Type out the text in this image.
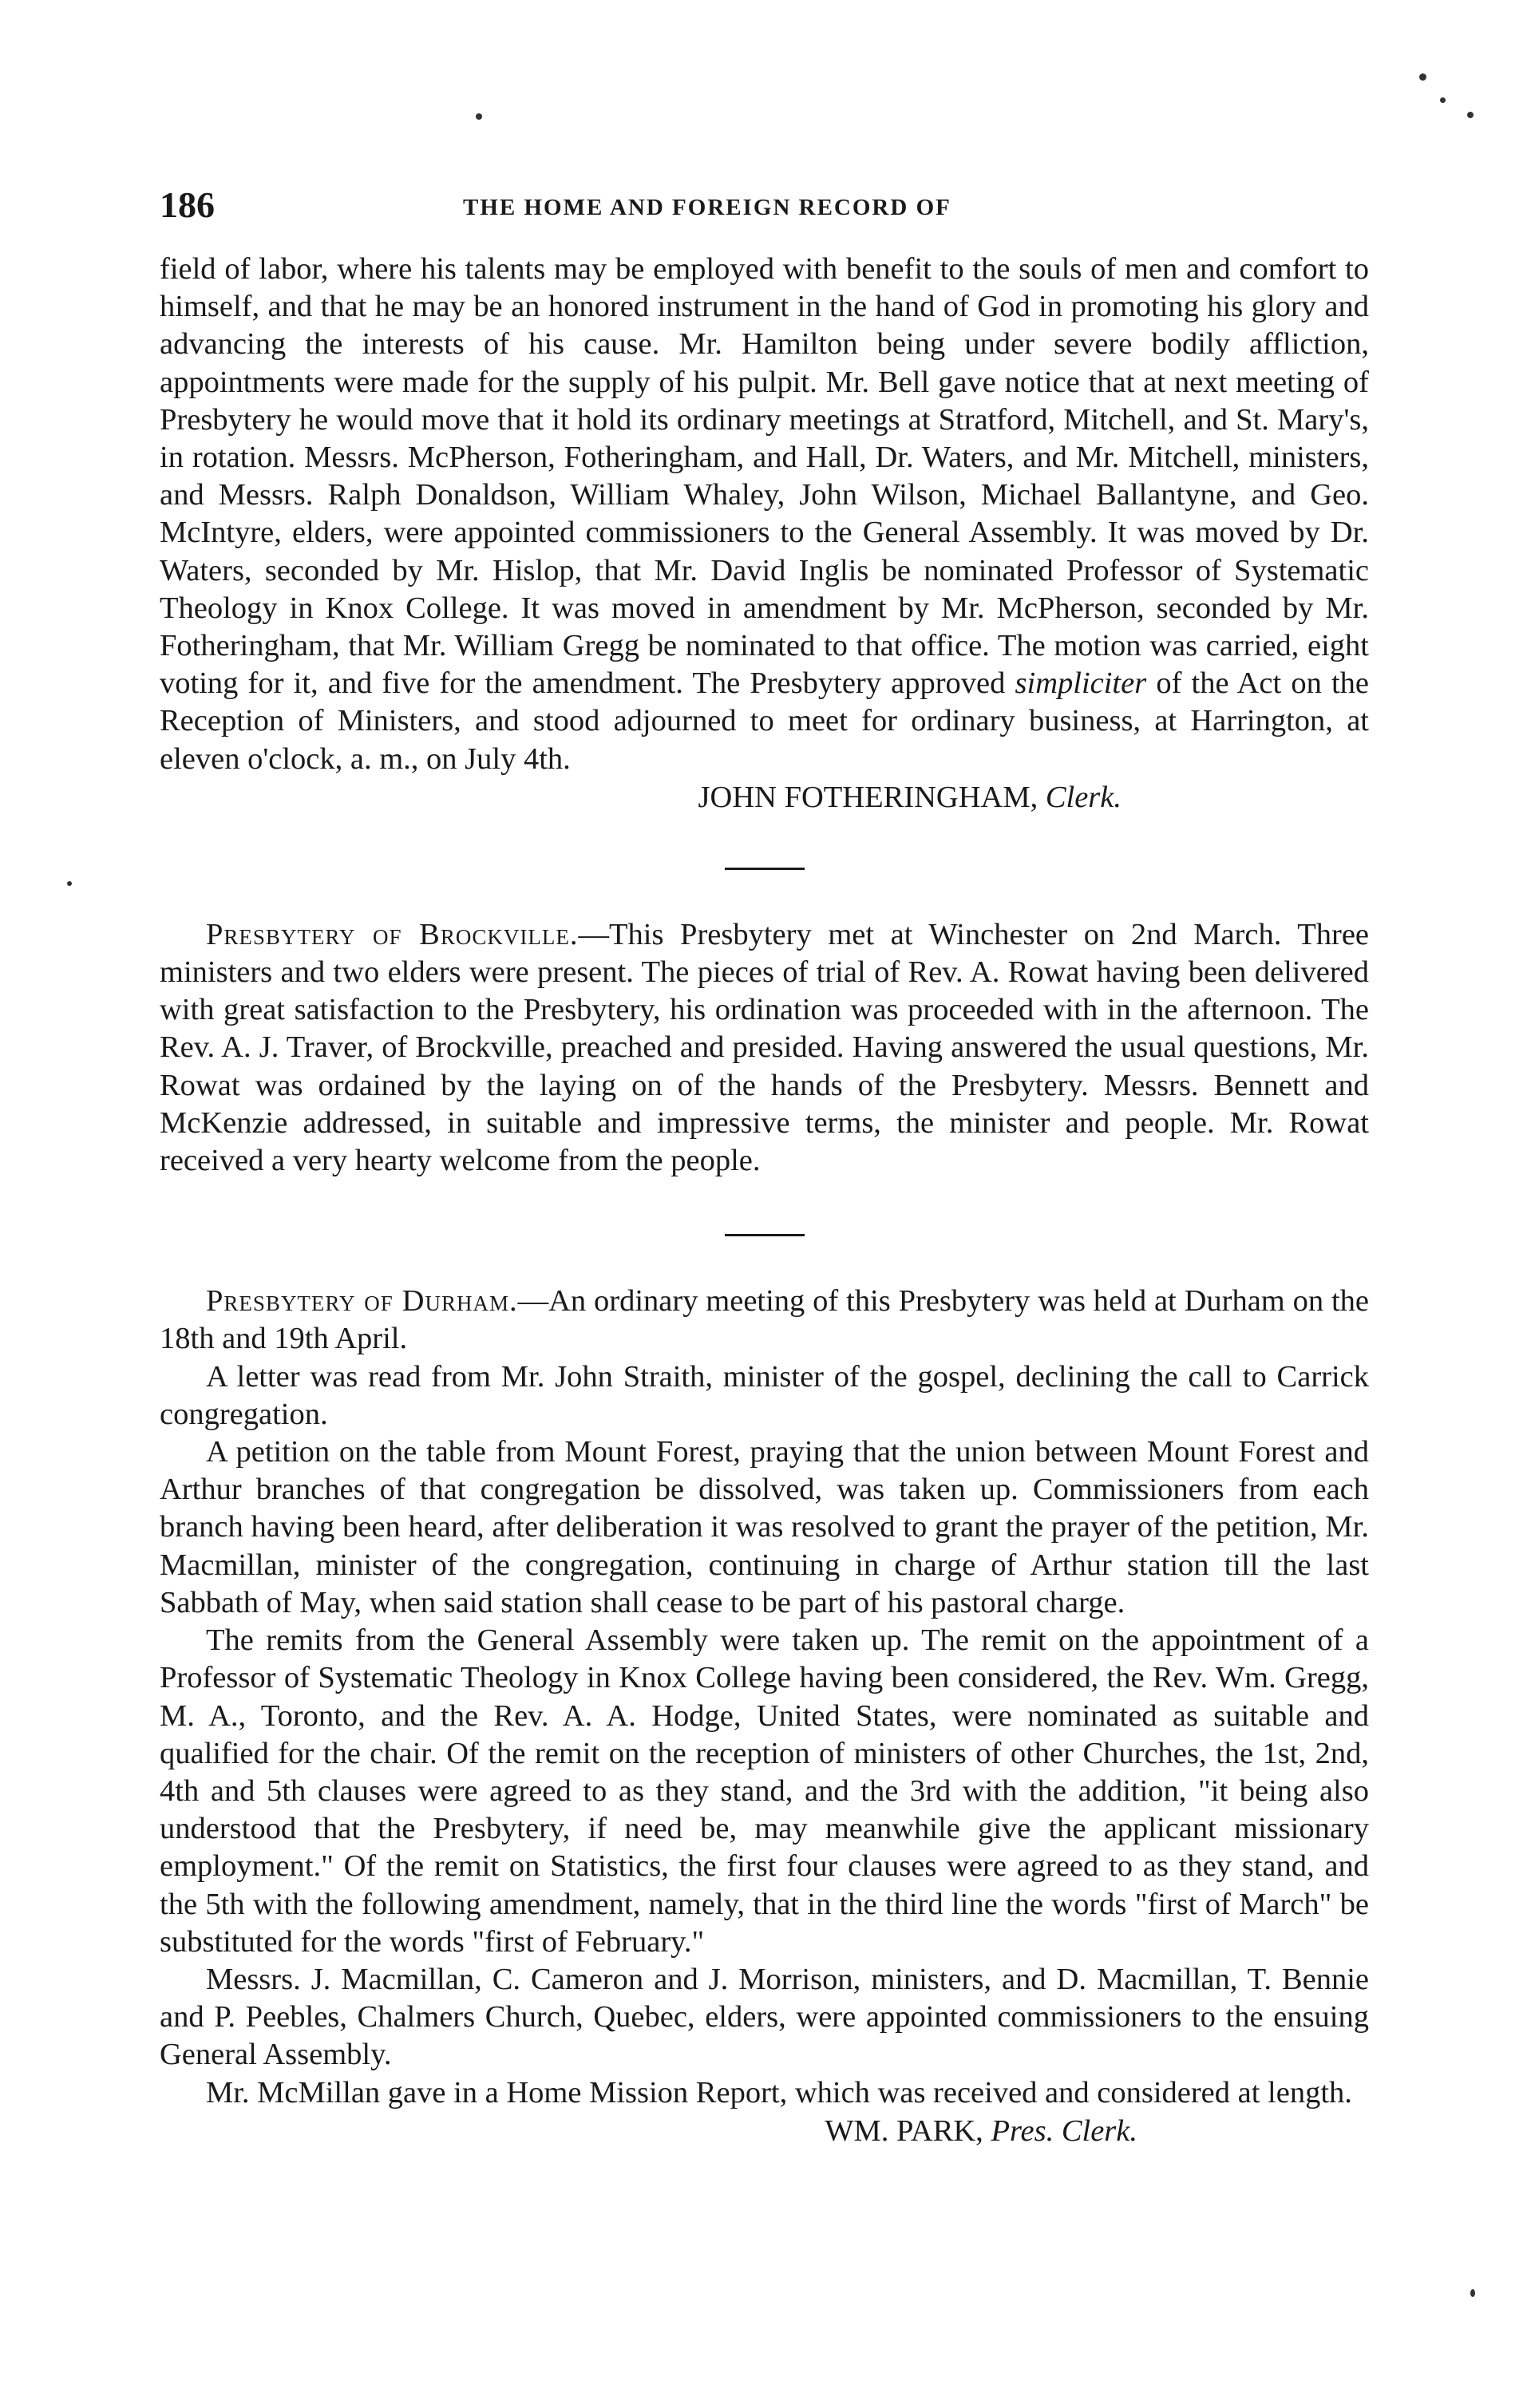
186	THE HOME AND FOREIGN RECORD OF

field of labor, where his talents may be employed with benefit to the souls of men and comfort to himself, and that he may be an honored instrument in the hand of God in promoting his glory and advancing the interests of his cause. Mr. Hamilton being under severe bodily affliction, appointments were made for the supply of his pulpit. Mr. Bell gave notice that at next meeting of Presbytery he would move that it hold its ordinary meetings at Stratford, Mitchell, and St. Mary's, in rotation. Messrs. McPherson, Fotheringham, and Hall, Dr. Waters, and Mr. Mitchell, ministers, and Messrs. Ralph Donaldson, William Whaley, John Wilson, Michael Ballantyne, and Geo. McIntyre, elders, were appointed commissioners to the General Assembly. It was moved by Dr. Waters, seconded by Mr. Hislop, that Mr. David Inglis be nominated Professor of Systematic Theology in Knox College. It was moved in amendment by Mr. McPherson, seconded by Mr. Fotheringham, that Mr. William Gregg be nominated to that office. The motion was carried, eight voting for it, and five for the amendment. The Presbytery approved simpliciter of the Act on the Reception of Ministers, and stood adjourned to meet for ordinary business, at Harrington, at eleven o'clock, a. m., on July 4th.

JOHN FOTHERINGHAM, Clerk.

Presbytery of Brockville.—This Presbytery met at Winchester on 2nd March. Three ministers and two elders were present. The pieces of trial of Rev. A. Rowat having been delivered with great satisfaction to the Presbytery, his ordination was proceeded with in the afternoon. The Rev. A. J. Traver, of Brockville, preached and presided. Having answered the usual questions, Mr. Rowat was ordained by the laying on of the hands of the Presbytery. Messrs. Bennett and McKenzie addressed, in suitable and impressive terms, the minister and people. Mr. Rowat received a very hearty welcome from the people.

Presbytery of Durham.—An ordinary meeting of this Presbytery was held at Durham on the 18th and 19th April.

A letter was read from Mr. John Straith, minister of the gospel, declining the call to Carrick congregation.

A petition on the table from Mount Forest, praying that the union between Mount Forest and Arthur branches of that congregation be dissolved, was taken up. Commissioners from each branch having been heard, after deliberation it was resolved to grant the prayer of the petition, Mr. Macmillan, minister of the congregation, continuing in charge of Arthur station till the last Sabbath of May, when said station shall cease to be part of his pastoral charge.

The remits from the General Assembly were taken up. The remit on the appointment of a Professor of Systematic Theology in Knox College having been considered, the Rev. Wm. Gregg, M. A., Toronto, and the Rev. A. A. Hodge, United States, were nominated as suitable and qualified for the chair. Of the remit on the reception of ministers of other Churches, the 1st, 2nd, 4th and 5th clauses were agreed to as they stand, and the 3rd with the addition, "it being also understood that the Presbytery, if need be, may meanwhile give the applicant missionary employment." Of the remit on Statistics, the first four clauses were agreed to as they stand, and the 5th with the following amendment, namely, that in the third line the words "first of March" be substituted for the words "first of February."

Messrs. J. Macmillan, C. Cameron and J. Morrison, ministers, and D. Macmillan, T. Bennie and P. Peebles, Chalmers Church, Quebec, elders, were appointed commissioners to the ensuing General Assembly.

Mr. McMillan gave in a Home Mission Report, which was received and considered at length.

WM. PARK, Pres. Clerk.
